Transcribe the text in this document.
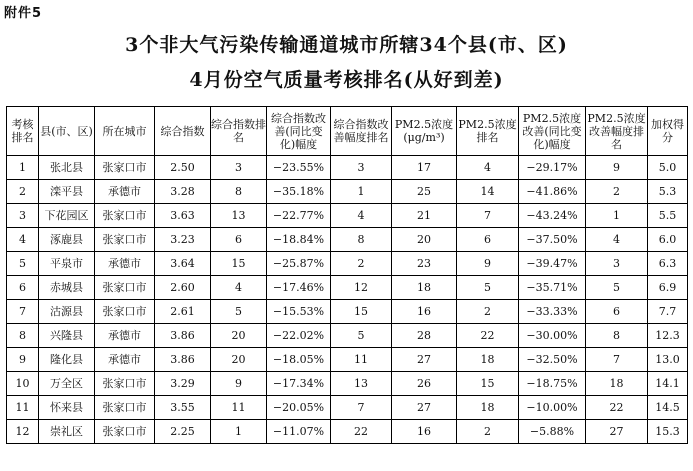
附件5
3个非大气污染传输通道城市所辖34个县(市、区)
4月份空气质量考核排名(从好到差)
考核排名	县(市、区)	所在城市	综合指数	综合指数排名	综合指数改善(同比变化)幅度	综合指数改善幅度排名	PM2.5浓度(μg/m³)	PM2.5浓度排名	PM2.5浓度改善(同比变化)幅度	PM2.5浓度改善幅度排名	加权得分
1	张北县	张家口市	2.50	3	−23.55%	3	17	4	−29.17%	9	5.0
2	滦平县	承德市	3.28	8	−35.18%	1	25	14	−41.86%	2	5.3
3	下花园区	张家口市	3.63	13	−22.77%	4	21	7	−43.24%	1	5.5
4	涿鹿县	张家口市	3.23	6	−18.84%	8	20	6	−37.50%	4	6.0
5	平泉市	承德市	3.64	15	−25.87%	2	23	9	−39.47%	3	6.3
6	赤城县	张家口市	2.60	4	−17.46%	12	18	5	−35.71%	5	6.9
7	沽源县	张家口市	2.61	5	−15.53%	15	16	2	−33.33%	6	7.7
8	兴隆县	承德市	3.86	20	−22.02%	5	28	22	−30.00%	8	12.3
9	隆化县	承德市	3.86	20	−18.05%	11	27	18	−32.50%	7	13.0
10	万全区	张家口市	3.29	9	−17.34%	13	26	15	−18.75%	18	14.1
11	怀来县	张家口市	3.55	11	−20.05%	7	27	18	−10.00%	22	14.5
12	崇礼区	张家口市	2.25	1	−11.07%	22	16	2	−5.88%	27	15.3
